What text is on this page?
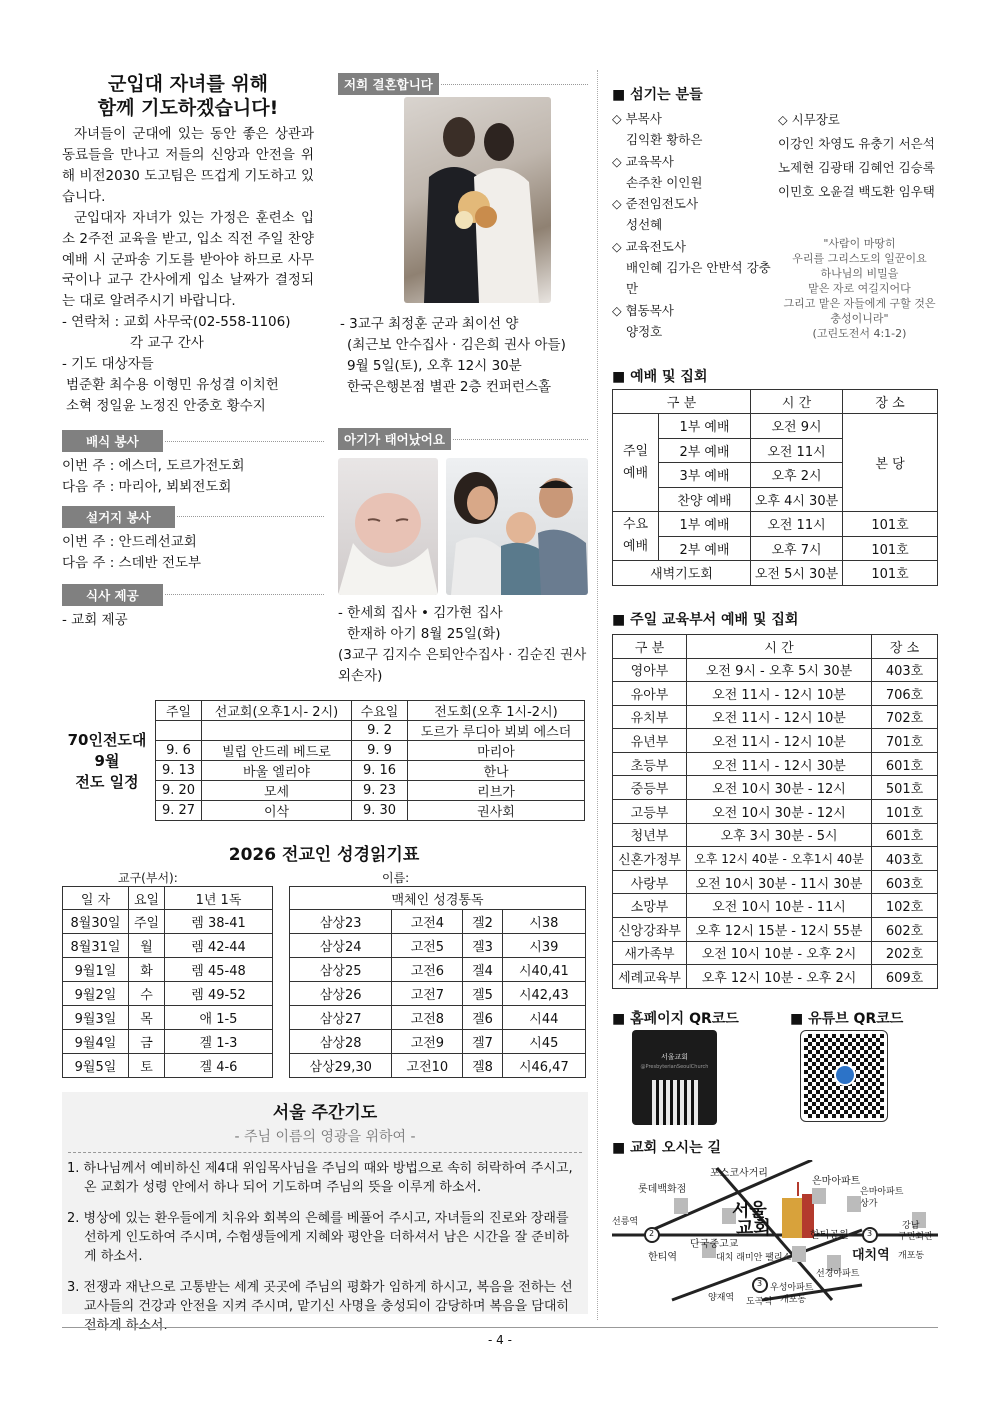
군입대 자녀를 위해
함께 기도하겠습니다!

자녀들이 군대에 있는 동안 좋은 상관과 동료들을 만나고 저들의 신앙과 안전을 위해 비전2030 도고팀은 뜨겁게 기도하고 있습니다.

군입대자 자녀가 있는 가정은 훈련소 입소 2주전 교육을 받고, 입소 직전 주일 찬양예배 시 군파송 기도를 받아야 하므로 사무국이나 교구 간사에게 입소 날짜가 결정되는 대로 알려주시기 바랍니다.

- 연락처 : 교회 사무국(02-558-1106)

각 교구 간사

- 기도 대상자들

범준환 최수용 이형민 유성결 이치헌

소혁 정일윤 노정진 안중호 황수지

배식 봉사

이번 주 : 에스더, 도르가전도회

다음 주 : 마리아, 뵈뵈전도회

설거지 봉사

이번 주 : 안드레선교회

다음 주 : 스데반 전도부

식사 제공

- 교회 제공

저희 결혼합니다
- 3교구 최정훈 군과 최이선 양
(최근보 안수집사 · 김은희 권사 아들)
9월 5일(토), 오후 12시 30분
한국은행본점 별관 2층 컨퍼런스홀
아기가 태어났어요
- 한세희 집사 • 김가현 집사
한재하 아기 8월 25일(화)
(3교구 김지수 은퇴안수집사 · 김순진 권사
외손자)
70인전도대
9월
전도 일정
주일	선교회(오후1시- 2시)	수요일	전도회(오후 1시-2시)
		9. 2	도르가 루디아 뵈뵈 에스더
9. 6	빌립 안드레 베드로	9. 9	마리아
9. 13	바울 엘리야	9. 16	한나
9. 20	모세	9. 23	리브가
9. 27	이삭	9. 30	권사회
2026 전교인 성경읽기표
교구(부서):	이름:
일 자	요일	1년 1독
8월30일	주일	렘 38-41
8월31일	월	렘 42-44
9월1일	화	렘 45-48
9월2일	수	렘 49-52
9월3일	목	애 1-5
9월4일	금	겔 1-3
9월5일	토	겔 4-6
맥체인 성경통독			
삼상23	고전4	겔2	시38
삼상24	고전5	겔3	시39
삼상25	고전6	겔4	시40,41
삼상26	고전7	겔5	시42,43
삼상27	고전8	겔6	시44
삼상28	고전9	겔7	시45
삼상29,30	고전10	겔8	시46,47
서울 주간기도
- 주님 이름의 영광을 위하여 -

1. 하나님께서 예비하신 제4대 위임목사님을 주님의 때와 방법으로 속히 허락하여 주시고, 온 교회가 성령 안에서 하나 되어 기도하며 주님의 뜻을 이루게 하소서.

2. 병상에 있는 환우들에게 치유와 회복의 은혜를 베풀어 주시고, 자녀들의 진로와 장래를 선하게 인도하여 주시며, 수험생들에게 지혜와 평안을 더하셔서 남은 시간을 잘 준비하게 하소서.

3. 전쟁과 재난으로 고통받는 세계 곳곳에 주님의 평화가 임하게 하시고, 복음을 전하는 선교사들의 건강과 안전을 지켜 주시며, 맡기신 사명을 충성되이 감당하며 복음을 담대히 전하게 하소서.

■ 섬기는 분들
◇ 부목사
김익환 황하은
◇ 교육목사
손주찬 이인원
◇ 준전임전도사
성선혜
◇ 교육전도사
배인혜 김가은 안반석 강충만
◇ 협동목사
양정호
◇ 시무장로
이강인 차영도 유충기 서은석
노제현 김광태 김혜언 김승록
이민호 오윤걸 백도환 임우택
"사람이 마땅히
우리를 그리스도의 일꾼이요
하나님의 비밀을
맡은 자로 여길지어다
그리고 맡은 자들에게 구할 것은
충성이니라"
(고린도전서 4:1-2)
■ 예배 및 집회
구 분		시 간	장 소

주일
예배	1부 예배	오전 9시	본 당
	2부 예배	오전 11시	
	3부 예배	오후 2시	
	찬양 예배	오후 4시 30분	

수요
예배	1부 예배	오전 11시	101호
	2부 예배	오후 7시	101호
새벽기도회		오전 5시 30분	101호
■ 주일 교육부서 예배 및 집회
구 분	시 간	장 소
영아부	오전 9시 - 오후 5시 30분	403호
유아부	오전 11시 - 12시 10분	706호
유치부	오전 11시 - 12시 10분	702호
유년부	오전 11시 - 12시 10분	701호
초등부	오전 11시 - 12시 30분	601호
중등부	오전 10시 30분 - 12시	501호
고등부	오전 10시 30분 - 12시	101호
청년부	오후 3시 30분 - 5시	601호
신혼가정부	오후 12시 40분 - 오후1시 40분	403호
사랑부	오전 10시 30분 - 11시 30분	603호
소망부	오전 10시 10분 - 11시	102호
신앙강좌부	오후 12시 15분 - 12시 55분	602호
새가족부	오전 10시 10분 - 오후 2시	202호
세례교육부	오후 12시 10분 - 오후 2시	609호
■ 홈페이지 QR코드	■ 유튜브 QR코드
서울교회
@PresbyterianSeoulChurch
■ 교회 오시는 길
포스코사거리
롯데백화점
은마아파트
은마아파트
상가
선릉역
한티역
단국중고교
서울
교회	한티공원
대치역
강남
구민회관
개포동
대치 래미안 팰리스
선경아파트
우성아파트
개포동
도곡역
양재역
2	3
3
- 4 -
